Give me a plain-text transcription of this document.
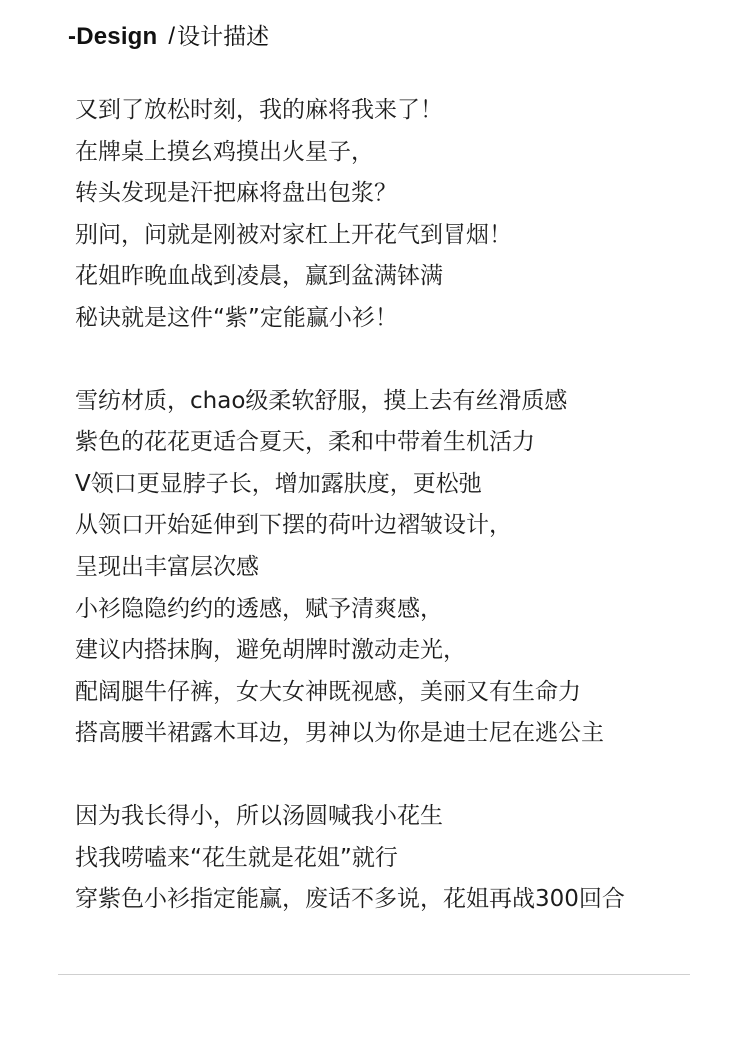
-Design / 设计描述
又到了放松时刻，我的麻将我来了！
在牌桌上摸幺鸡摸出火星子，
转头发现是汗把麻将盘出包浆？
别问，问就是刚被对家杠上开花气到冒烟！
花姐昨晚血战到凌晨，赢到盆满钵满
秘诀就是这件“紫”定能赢小衫！
雪纺材质，chao级柔软舒服，摸上去有丝滑质感
紫色的花花更适合夏天，柔和中带着生机活力
V领口更显脖子长，增加露肤度，更松弛
从领口开始延伸到下摆的荷叶边褶皱设计，
呈现出丰富层次感
小衫隐隐约约的透感，赋予清爽感，
建议内搭抹胸，避免胡牌时激动走光，
配阔腿牛仔裤，女大女神既视感，美丽又有生命力
搭高腰半裙露木耳边，男神以为你是迪士尼在逃公主
因为我长得小，所以汤圆喊我小花生
找我唠嗑来“花生就是花姐”就行
穿紫色小衫指定能赢，废话不多说，花姐再战300回合
